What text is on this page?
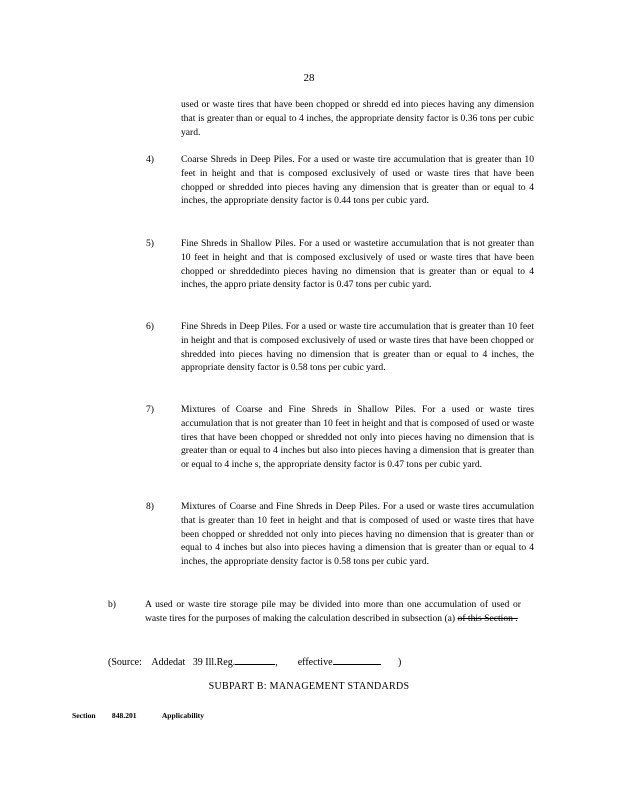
28

used or waste tires that have been chopped or shredd ed into pieces having any dimension that is greater than or equal to 4 inches, the appropriate density factor is 0.36 tons per cubic yard.

4)	Coarse Shreds in Deep Piles. For a used or waste tire accumulation that is greater than 10 feet in height and that is composed exclusively of used or waste tires that have been chopped or shredded into pieces having any dimension that is greater than or equal to 4 inches, the appropriate density factor is 0.44 tons per cubic yard.

5)	Fine Shreds in Shallow Piles. For a used or wastetire accumulation that is not greater than 10 feet in height and that is composed exclusively of used or waste tires that have been chopped or shreddedinto pieces having no dimension that is greater than or equal to 4 inches, the appro priate density factor is 0.47 tons per cubic yard.

6)	Fine Shreds in Deep Piles. For a used or waste tire accumulation that is greater than 10 feet in height and that is composed exclusively of used or waste tires that have been chopped or shredded into pieces having no dimension that is greater than or equal to 4 inches, the appropriate density factor is 0.58 tons per cubic yard.

7)	Mixtures of Coarse and Fine Shreds in Shallow Piles. For a used or waste tires accumulation that is not greater than 10 feet in height and that is composed of used or waste tires that have been chopped or shredded not only into pieces having no dimension that is greater than or equal to 4 inches but also into pieces having a dimension that is greater than or equal to 4 inche s, the appropriate density factor is 0.47 tons per cubic yard.

8)	Mixtures of Coarse and Fine Shreds in Deep Piles. For a used or waste tires accumulation that is greater than 10 feet in height and that is composed of used or waste tires that have been chopped or shredded not only into pieces having no dimension that is greater than or equal to 4 inches but also into pieces having a dimension that is greater than or equal to 4 inches, the appropriate density factor is 0.58 tons per cubic yard.

b)	A used or waste tire storage pile may be divided into more than one accumulation of used or waste tires for the purposes of making the calculation described in subsection (a) of this Section .

(Source: Addedat 39 Ill.Reg.	,        effective	)
SUBPART B: MANAGEMENT STANDARDS
Section 848.201	Applicability
